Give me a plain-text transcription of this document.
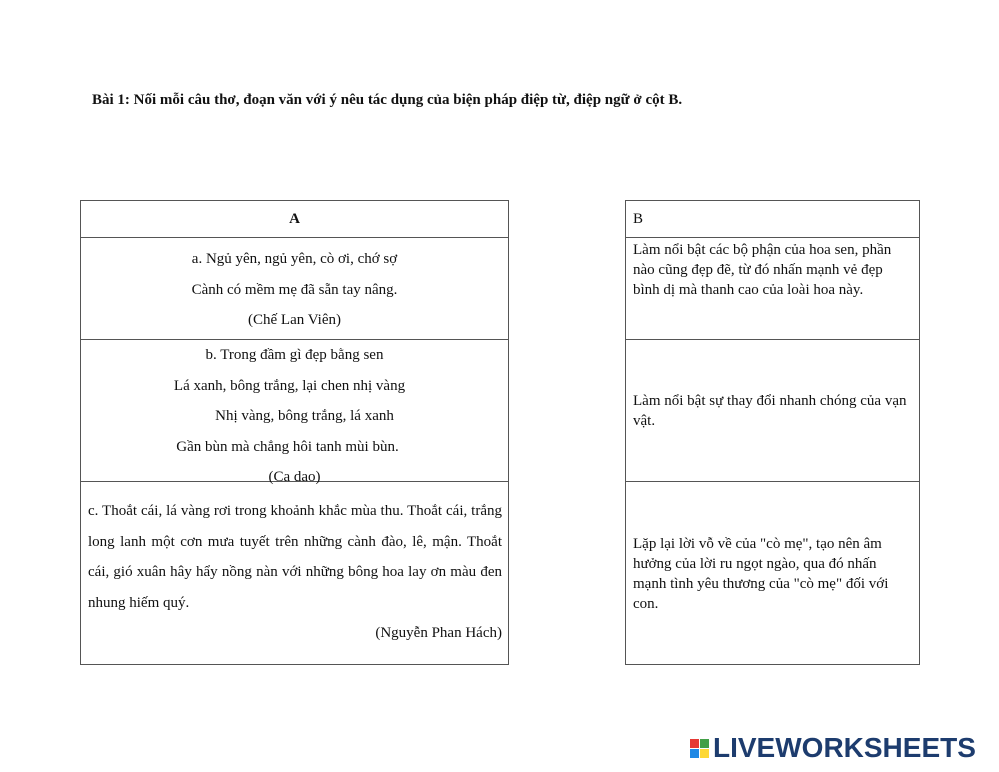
Bài 1: Nối mỗi câu thơ, đoạn văn với ý nêu tác dụng của biện pháp điệp từ, điệp ngữ ở cột B.
A
a. Ngủ yên, ngủ yên, cò ơi, chớ sợ
Cành có mềm mẹ đã sẵn tay nâng.
(Chế Lan Viên)
b. Trong đầm gì đẹp bằng sen
Lá xanh, bông trắng, lại chen nhị vàng
Nhị vàng, bông trắng, lá xanh
Gần bùn mà chẳng hôi tanh mùi bùn.
(Ca dao)
c. Thoắt cái, lá vàng rơi trong khoảnh khắc mùa thu. Thoắt cái, trắng long lanh một cơn mưa tuyết trên những cành đào, lê, mận. Thoắt cái, gió xuân hây hẩy nồng nàn với những bông hoa lay ơn màu đen nhung hiếm quý.
(Nguyễn Phan Hách)
B
Làm nổi bật các bộ phận của hoa sen, phần nào cũng đẹp đẽ, từ đó nhấn mạnh vẻ đẹp bình dị mà thanh cao của loài hoa này.
Làm nổi bật sự thay đổi nhanh chóng của vạn vật.
Lặp lại lời vỗ về của "cò mẹ", tạo nên âm hưởng của lời ru ngọt ngào, qua đó nhấn mạnh tình yêu thương của "cò mẹ" đối với con.
LIVEWORKSHEETS
